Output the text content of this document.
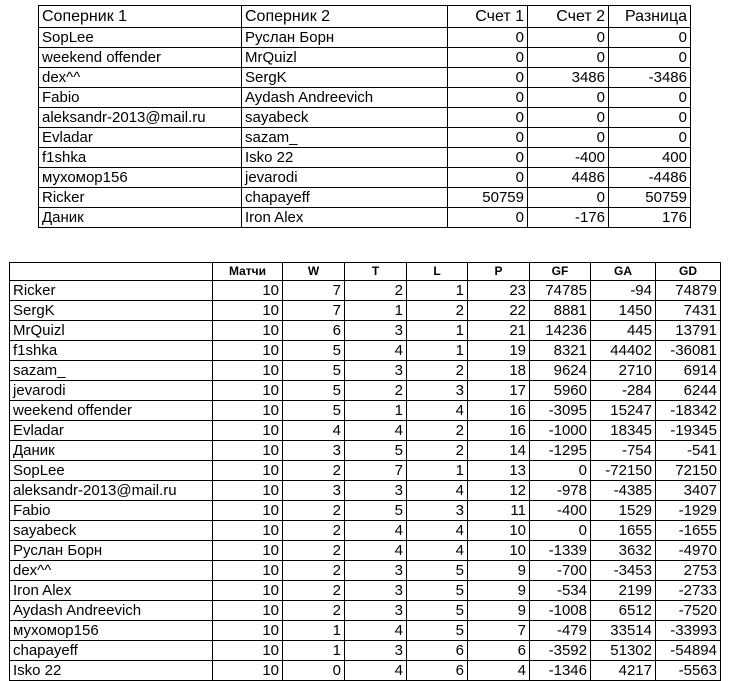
Соперник 1	Соперник 2	Счет 1	Счет 2	Разница
SopLee	Руслан Борн	0	0	0
weekend offender	MrQuizl	0	0	0
dex^^	SergK	0	3486	-3486
Fabio	Aydash Andreevich	0	0	0
aleksandr-2013@mail.ru	sayabeck	0	0	0
Evladar	sazam_	0	0	0
f1shka	Isko 22	0	-400	400
мухомор156	jevarodi	0	4486	-4486
Ricker	chapayeff	50759	0	50759
Даник	Iron Alex	0	-176	176
	Матчи	W	T	L	P	GF	GA	GD
Ricker	10	7	2	1	23	74785	-94	74879
SergK	10	7	1	2	22	8881	1450	7431
MrQuizl	10	6	3	1	21	14236	445	13791
f1shka	10	5	4	1	19	8321	44402	-36081
sazam_	10	5	3	2	18	9624	2710	6914
jevarodi	10	5	2	3	17	5960	-284	6244
weekend offender	10	5	1	4	16	-3095	15247	-18342
Evladar	10	4	4	2	16	-1000	18345	-19345
Даник	10	3	5	2	14	-1295	-754	-541
SopLee	10	2	7	1	13	0	-72150	72150
aleksandr-2013@mail.ru	10	3	3	4	12	-978	-4385	3407
Fabio	10	2	5	3	11	-400	1529	-1929
sayabeck	10	2	4	4	10	0	1655	-1655
Руслан Борн	10	2	4	4	10	-1339	3632	-4970
dex^^	10	2	3	5	9	-700	-3453	2753
Iron Alex	10	2	3	5	9	-534	2199	-2733
Aydash Andreevich	10	2	3	5	9	-1008	6512	-7520
мухомор156	10	1	4	5	7	-479	33514	-33993
chapayeff	10	1	3	6	6	-3592	51302	-54894
Isko 22	10	0	4	6	4	-1346	4217	-5563
